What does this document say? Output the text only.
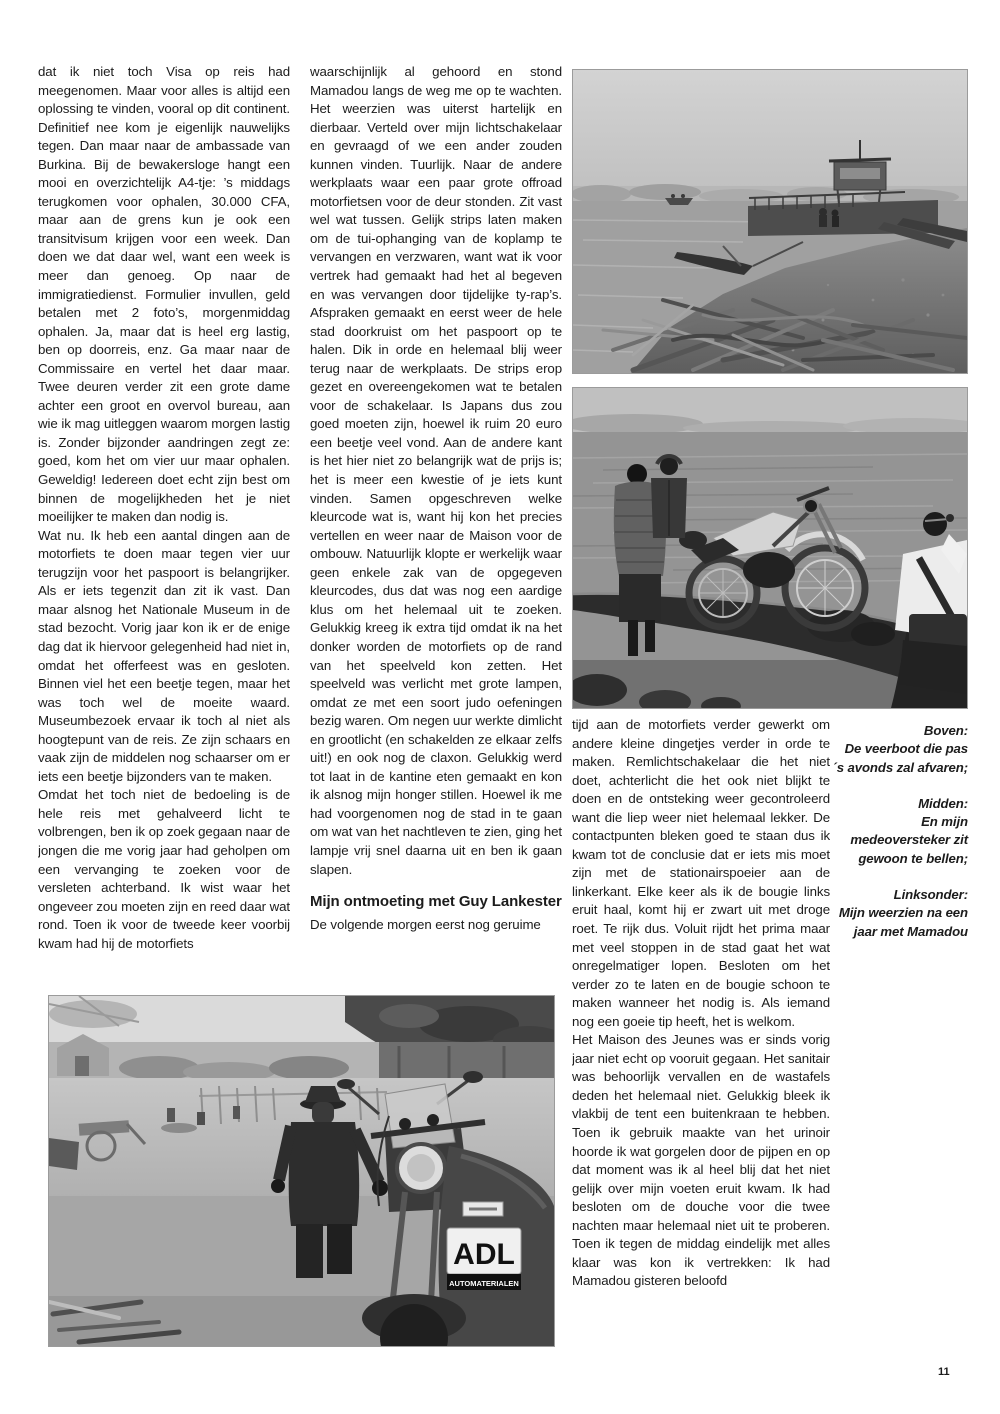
dat ik niet toch Visa op reis had meegenomen. Maar voor alles is altijd een oplossing te vinden, vooral op dit continent. Definitief nee kom je eigenlijk nauwelijks tegen. Dan maar naar de ambassade van Burkina. Bij de bewakersloge hangt een mooi en overzichtelijk A4-tje: ’s middags terugkomen voor ophalen, 30.000 CFA, maar aan de grens kun je ook een transitvisum krijgen voor een week. Dan doen we dat daar wel, want een week is meer dan genoeg. Op naar de immigratiedienst. Formulier invullen, geld betalen met 2 foto’s, morgenmiddag ophalen. Ja, maar dat is heel erg lastig, ben op doorreis, enz. Ga maar naar de Commissaire en vertel het daar maar. Twee deuren verder zit een grote dame achter een groot en overvol bureau, aan wie ik mag uitleggen waarom morgen lastig is. Zonder bijzonder aandringen zegt ze: goed, kom het om vier uur maar ophalen. Geweldig! Iedereen doet echt zijn best om binnen de mogelijkheden het je niet moeilijker te maken dan nodig is.

Wat nu. Ik heb een aantal dingen aan de motorfiets te doen maar tegen vier uur terugzijn voor het paspoort is belangrijker. Als er iets tegenzit dan zit ik vast. Dan maar alsnog het Nationale Museum in de stad bezocht. Vorig jaar kon ik er de enige dag dat ik hiervoor gelegenheid had niet in, omdat het offerfeest was en gesloten. Binnen viel het een beetje tegen, maar het was toch wel de moeite waard. Museumbezoek ervaar ik toch al niet als hoogtepunt van de reis. Ze zijn schaars en vaak zijn de middelen nog schaarser om er iets een beetje bijzonders van te maken.

Omdat het toch niet de bedoeling is de hele reis met gehalveerd licht te volbrengen, ben ik op zoek gegaan naar de jongen die me vorig jaar had geholpen om een vervanging te zoeken voor de versleten achterband. Ik wist waar het ongeveer zou moeten zijn en reed daar wat rond. Toen ik voor de tweede keer voorbij kwam had hij de motorfiets

waarschijnlijk al gehoord en stond Mamadou langs de weg me op te wachten. Het weerzien was uiterst hartelijk en dierbaar. Verteld over mijn lichtschakelaar en gevraagd of we een ander zouden kunnen vinden. Tuurlijk. Naar de andere werkplaats waar een paar grote offroad motorfietsen voor de deur stonden. Zit vast wel wat tussen. Gelijk strips laten maken om de tui-ophanging van de koplamp te vervangen en verzwaren, want wat ik voor vertrek had gemaakt had het al begeven en was vervangen door tijdelijke ty-rap’s. Afspraken gemaakt en eerst weer de hele stad doorkruist om het paspoort op te halen. Dik in orde en helemaal blij weer terug naar de werkplaats. De strips erop gezet en overeengekomen wat te betalen voor de schakelaar. Is Japans dus zou goed moeten zijn, hoewel ik ruim 20 euro een beetje veel vond. Aan de andere kant is het hier niet zo belangrijk wat de prijs is; het is meer een kwestie of je iets kunt vinden. Samen opgeschreven welke kleurcode wat is, want hij kon het precies vertellen en weer naar de Maison voor de ombouw. Natuurlijk klopte er werkelijk waar geen enkele zak van de opgegeven kleurcodes, dus dat was nog een aardige klus om het helemaal uit te zoeken. Gelukkig kreeg ik extra tijd omdat ik na het donker worden de motorfiets op de rand van het speelveld kon zetten. Het speelveld was verlicht met grote lampen, omdat ze met een soort judo oefeningen bezig waren. Om negen uur werkte dimlicht en grootlicht (en schakelden ze elkaar zelfs uit!) en ook nog de claxon. Gelukkig werd tot laat in de kantine eten gemaakt en kon ik alsnog mijn honger stillen. Hoewel ik me had voorgenomen nog de stad in te gaan om wat van het nachtleven te zien, ging het lampje vrij snel daarna uit en ben ik gaan slapen.

Mijn ontmoeting met Guy Lankester

De volgende morgen eerst nog geruime

tijd aan de motorfiets verder gewerkt om andere kleine dingetjes verder in orde te maken. Remlichtschakelaar die het niet doet, achterlicht die het ook niet blijkt te doen en de ontsteking weer gecontroleerd want die liep weer niet helemaal lekker. De contactpunten bleken goed te staan dus ik kwam tot de conclusie dat er iets mis moet zijn met de stationairspoeier aan de linkerkant. Elke keer als ik de bougie links eruit haal, komt hij er zwart uit met droge roet. Te rijk dus. Voluit rijdt het prima maar met veel stoppen in de stad gaat het wat onregelmatiger lopen. Besloten om het verder zo te laten en de bougie schoon te maken wanneer het nodig is. Als iemand nog een goeie tip heeft, het is welkom.

Het Maison des Jeunes was er sinds vorig jaar niet echt op vooruit gegaan. Het sanitair was behoorlijk vervallen en de wastafels deden het helemaal niet. Gelukkig bleek ik vlakbij de tent een buitenkraan te hebben. Toen ik gebruik maakte van het urinoir hoorde ik wat gorgelen door de pijpen en op dat moment was ik al heel blij dat het niet gelijk over mijn voeten eruit kwam. Ik had besloten om de douche voor die twee nachten maar helemaal niet uit te proberen. Toen ik tegen de middag eindelijk met alles klaar was kon ik vertrekken: Ik had Mamadou gisteren beloofd

Boven:
De veerboot die pas ´s avonds zal afvaren;
Midden:
En mijn medeoversteker zit gewoon te bellen;
Linksonder:
Mijn weerzien na een jaar met Mamadou
ADL
AUTOMATERIALEN
11
